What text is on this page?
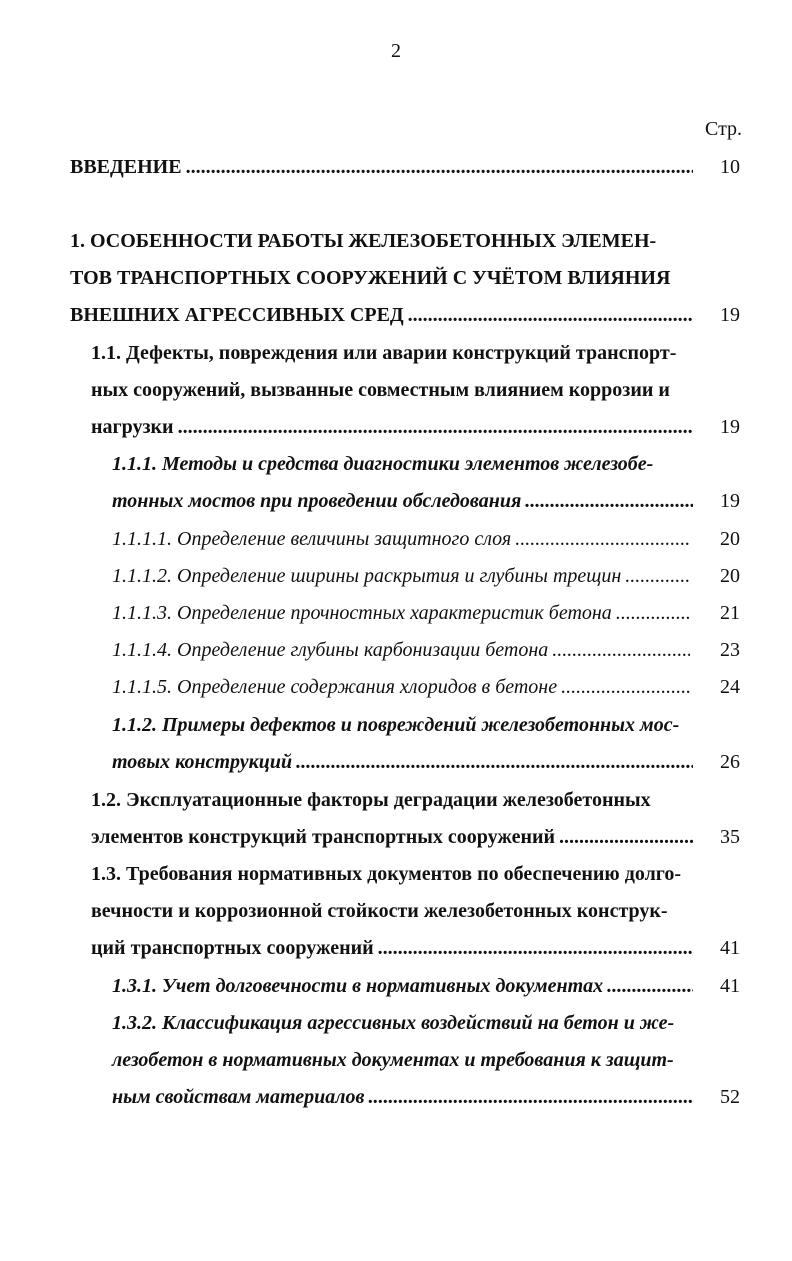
2
Стр.
ВВЕДЕНИЕ .....	10
1. ОСОБЕННОСТИ РАБОТЫ ЖЕЛЕЗОБЕТОННЫХ ЭЛЕМЕН-
ТОВ ТРАНСПОРТНЫХ СООРУЖЕНИЙ С УЧЁТОМ ВЛИЯНИЯ
ВНЕШНИХ АГРЕССИВНЫХ СРЕД .....	19
1.1. Дефекты, повреждения или аварии конструкций транспорт-
ных сооружений, вызванные совместным влиянием коррозии и
нагрузки .....	19
1.1.1. Методы и средства диагностики элементов железобе-
тонных мостов при проведении обследования .....	19
1.1.1.1. Определение величины защитного слоя .....	20
1.1.1.2. Определение ширины раскрытия и глубины трещин .....	20
1.1.1.3. Определение прочностных характеристик бетона .....	21
1.1.1.4. Определение глубины карбонизации бетона .....	23
1.1.1.5. Определение содержания хлоридов в бетоне .....	24
1.1.2. Примеры дефектов и повреждений железобетонных мос-
товых конструкций .....	26
1.2. Эксплуатационные факторы деградации железобетонных
элементов конструкций транспортных сооружений .....	35
1.3. Требования нормативных документов по обеспечению долго-
вечности и коррозионной стойкости железобетонных конструк-
ций транспортных сооружений .....	41
1.3.1. Учет долговечности в нормативных документах .....	41
1.3.2. Классификация агрессивных воздействий на бетон и же-
лезобетон в нормативных документах и требования к защит-
ным свойствам материалов .....	52
